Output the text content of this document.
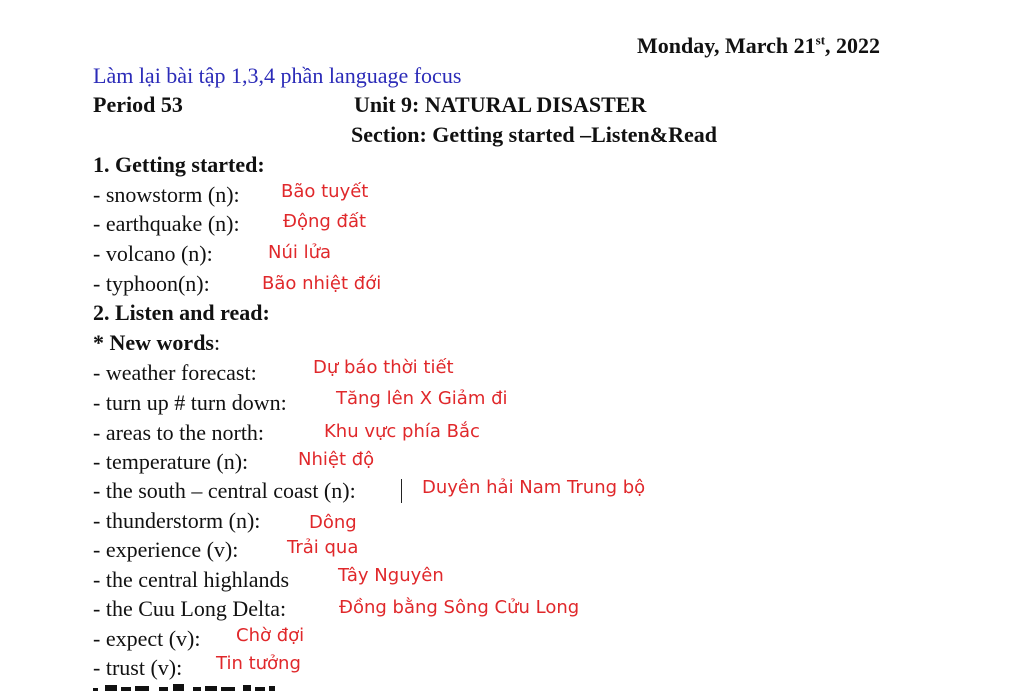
Monday, March 21st, 2022
Làm lại bài tập 1,3,4 phần language focus
Period 53	Unit 9: NATURAL DISASTER
Section: Getting started –Listen&Read
1. Getting started:
- snowstorm (n): Bão tuyết
- earthquake (n): Động đất
- volcano (n):	Núi lửa
- typhoon(n):	Bão nhiệt đới
2. Listen and read:
* New words:
- weather forecast:	Dự báo thời tiết
- turn up # turn down:	Tăng lên X Giảm đi
- areas to the north:	Khu vực phía Bắc
- temperature (n):	Nhiệt độ
- the south – central coast (n):	Duyên hải Nam Trung bộ
- thunderstorm (n):	Dông
- experience (v):	Trải qua
- the central highlands	Tây Nguyên
- the Cuu Long Delta:	Đồng bằng Sông Cửu Long
- expect (v): Chờ đợi
- trust (v): Tin tưởng
